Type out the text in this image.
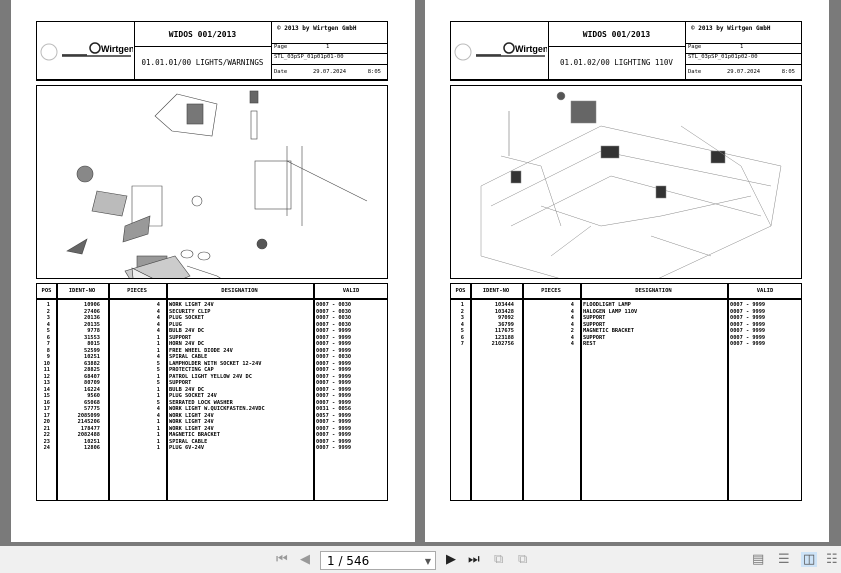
Wirtgen
WIDOS 001/2013
01.01.01/00 LIGHTS/WARNINGS
© 2013 by Wirtgen GmbH
Page	1
STL_03pSP_01p01p01-00
Date	29.07.2024	8:05
POS	IDENT-NO	PIECES	DESIGNATION	VALID
1	10906	4 WORK LIGHT 24V	0007 - 0030
2	27406	4 SECURITY CLIP	0007 - 0030
3	20136	4 PLUG SOCKET	0007 - 0030
4	20135	4 PLUG	0007 - 0030
5	9778	4 BULB 24V DC	0007 - 9999
6	31553	1 SUPPORT	0007 - 9999
7	8015	1 HORN 24V DC	0007 - 9999
8	52599	1 FREE WHEEL DIODE 24V	0007 - 9999
9	10251	4 SPIRAL CABLE	0007 - 0030
10	63882	5 LAMPHOLDER WITH SOCKET 12-24V	0007 - 9999
11	28825	5 PROTECTING CAP	0007 - 9999
12	68407	1 PATROL LIGHT YELLOW 24V DC	0007 - 9999
13	80709	5 SUPPORT	0007 - 9999
14	16224	1 BULB 24V DC	0007 - 9999
15	9560	1 PLUG SOCKET 24V	0007 - 9999
16	65068	5 SERRATED LOCK WASHER	0007 - 9999
17	57775	4 WORK LIGHT W.QUICKFASTEN.24VDC	0031 - 0056
17	2085099	4 WORK LIGHT 24V	0057 - 9999
20	2145206	1 WORK LIGHT 24V	0007 - 9999
21	178477	1 WORK LIGHT 24V	0007 - 9999
22	2082488	1 MAGNETIC BRACKET	0007 - 9999
23	10251	1 SPIRAL CABLE	0007 - 9999
24	12806	1 PLUG 6V-24V	0007 - 9999
Wirtgen
WIDOS 001/2013
01.01.02/00 LIGHTING 110V
© 2013 by Wirtgen GmbH
Page	1
STL_03pSP_01p01p02-00
Date	29.07.2024	8:05
POS	IDENT-NO	PIECES	DESIGNATION	VALID
1	103444	4 FLOODLIGHT LAMP	0007 - 9999
2	103428	4 HALOGEN LAMP 110V	0007 - 9999
3	97092	4 SUPPORT	0007 - 9999
4	36799	4 SUPPORT	0007 - 9999
5	117675	2 MAGNETIC BRACKET	0007 - 9999
6	123188	4 SUPPORT	0007 - 9999
7	2102756	4 REST	0007 - 9999
⏮ ◀	1 / 546	▼ ▶ ⏭ ⧉ ⧉	▤ ☰ ◫ ☷
